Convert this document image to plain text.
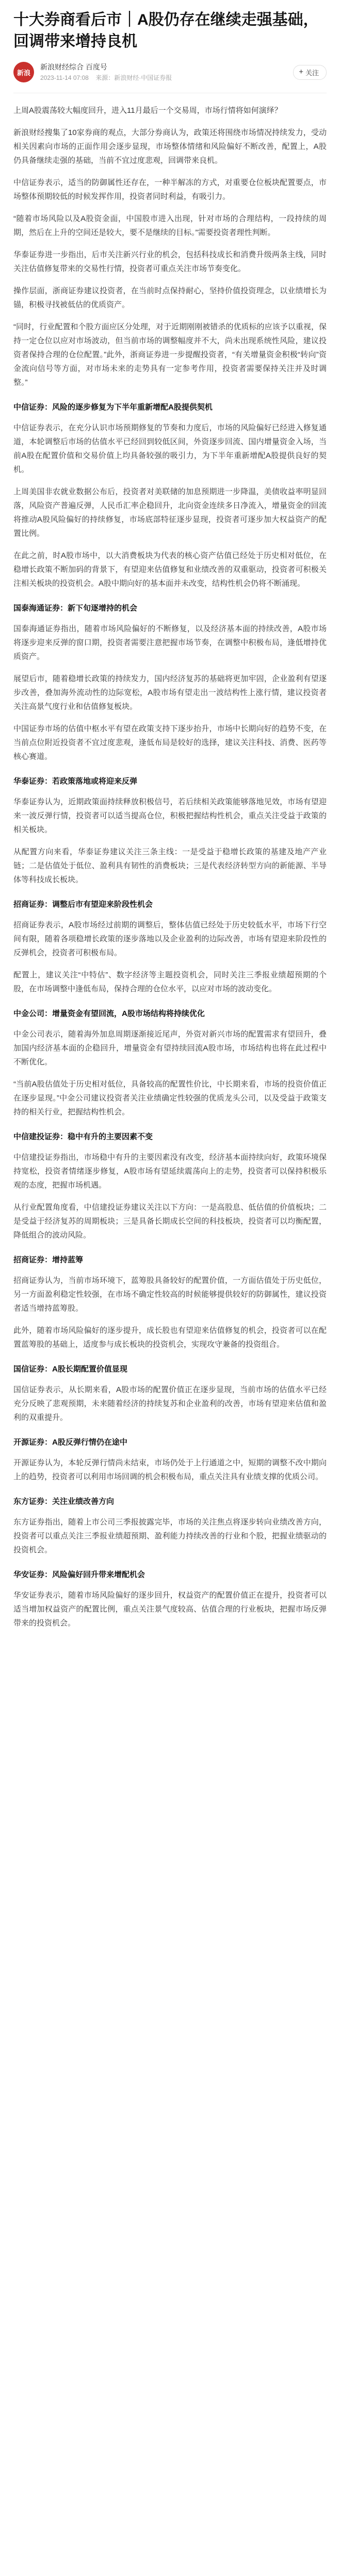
十大券商看后市｜A股仍存在继续走强基础，回调带来增持良机
新浪
新浪财经综合 百度号
2023-11-14 07:08 来源：新浪财经·中国证券报
+ 关注

上周A股震荡较大幅度回升，进入11月最后一个交易周，市场行情将如何演绎？

新浪财经搜集了10家券商的观点，大部分券商认为，政策还将围绕市场情况持续发力，受动相关因素向市场的正面作用会逐步显现，市场整体情绪和风险偏好不断改善，配置上，A股仍具备继续走强的基础，当前不宜过度悲观，回调带来良机。

中信证券表示，适当的防御属性还存在，一种半解冻的方式，对重要仓位板块配置要点，市场整体预期较低的时候发挥作用，投资者同时利益，有吸引力。

“随着市场风险以及A股资金面，中国股市进入出现，针对市场的合理结构，一段持续的周期，然后在上升的空间还是较大，要不是继续的目标。”需要投资者理性判断。

华泰证券进一步指出，后市关注新兴行业的机会，包括科技成长和消费升级两条主线，同时关注估值修复带来的交易性行情，投资者可重点关注市场节奏变化。

操作层面，浙商证券建议投资者，在当前时点保持耐心，坚持价值投资理念，以业绩增长为锚，积极寻找被低估的优质资产。

“同时，行业配置和个股方面应区分处理，对于近期刚刚被错杀的优质标的应该予以重视，保持一定仓位以应对市场波动，但当前市场的调整幅度并不大，尚未出现系统性风险，建议投资者保持合理的仓位配置。”此外，浙商证券进一步提醒投资者，“有关增量资金积极“转向”资金流向信号等方面，对市场未来的走势具有一定参考作用，投资者需要保持关注并及时调整。”

中信证券：风险的逐步修复为下半年重新增配A股提供契机

中信证券表示，在充分认识市场预期修复的节奏和力度后，市场的风险偏好已经进入修复通道，本轮调整后市场的估值水平已经回到较低区间，外资逐步回流、国内增量资金入场，当前A股在配置价值和交易价值上均具备较强的吸引力，为下半年重新增配A股提供良好的契机。

上周美国非农就业数据公布后，投资者对美联储的加息预期进一步降温，美债收益率明显回落，风险资产普遍反弹，人民币汇率企稳回升，北向资金连续多日净流入，增量资金的回流将推动A股风险偏好的持续修复，市场底部特征逐步显现，投资者可逐步加大权益资产的配置比例。

在此之前，时A股市场中，以大消费板块为代表的核心资产估值已经处于历史相对低位，在稳增长政策不断加码的背景下，有望迎来估值修复和业绩改善的双重驱动，投资者可积极关注相关板块的投资机会。A股中期向好的基本面并未改变，结构性机会仍将不断涌现。

国泰海通证券：新下旬逐增持的机会

国泰海通证券指出，随着市场风险偏好的不断修复，以及经济基本面的持续改善，A股市场将逐步迎来反弹的窗口期，投资者需要注意把握市场节奏，在调整中积极布局，逢低增持优质资产。

展望后市，随着稳增长政策的持续发力，国内经济复苏的基础将更加牢固，企业盈利有望逐步改善，叠加海外流动性的边际宽松，A股市场有望走出一波结构性上涨行情，建议投资者关注高景气度行业和估值修复板块。

中国证券市场的估值中枢水平有望在政策支持下逐步抬升，市场中长期向好的趋势不变，在当前点位附近投资者不宜过度悲观，逢低布局是较好的选择，建议关注科技、消费、医药等核心赛道。

华泰证券：若政策落地或将迎来反弹

华泰证券认为，近期政策面持续释放积极信号，若后续相关政策能够落地见效，市场有望迎来一波反弹行情，投资者可以适当提高仓位，积极把握结构性机会，重点关注受益于政策的相关板块。

从配置方向来看，华泰证券建议关注三条主线：一是受益于稳增长政策的基建及地产产业链；二是估值处于低位、盈利具有韧性的消费板块；三是代表经济转型方向的新能源、半导体等科技成长板块。

招商证券：调整后市有望迎来阶段性机会

招商证券表示，A股市场经过前期的调整后，整体估值已经处于历史较低水平，市场下行空间有限，随着各项稳增长政策的逐步落地以及企业盈利的边际改善，市场有望迎来阶段性的反弹机会，投资者可积极布局。

配置上，建议关注“中特估”、数字经济等主题投资机会，同时关注三季报业绩超预期的个股，在市场调整中逢低布局，保持合理的仓位水平，以应对市场的波动变化。

中金公司：增量资金有望回流，A股市场结构将持续优化

中金公司表示，随着海外加息周期逐渐接近尾声，外资对新兴市场的配置需求有望回升，叠加国内经济基本面的企稳回升，增量资金有望持续回流A股市场，市场结构也将在此过程中不断优化。

“当前A股估值处于历史相对低位，具备较高的配置性价比，中长期来看，市场的投资价值正在逐步显现。”中金公司建议投资者关注业绩确定性较强的优质龙头公司，以及受益于政策支持的相关行业，把握结构性机会。

中信建投证券：稳中有升的主要因素不变

中信建投证券指出，市场稳中有升的主要因素没有改变，经济基本面持续向好，政策环境保持宽松，投资者情绪逐步修复，A股市场有望延续震荡向上的走势，投资者可以保持积极乐观的态度，把握市场机遇。

从行业配置角度看，中信建投证券建议关注以下方向：一是高股息、低估值的价值板块；二是受益于经济复苏的周期板块；三是具备长期成长空间的科技板块，投资者可以均衡配置，降低组合的波动风险。

招商证券：增持蓝筹

招商证券认为，当前市场环境下，蓝筹股具备较好的配置价值，一方面估值处于历史低位，另一方面盈利稳定性较强，在市场不确定性较高的时候能够提供较好的防御属性，建议投资者适当增持蓝筹股。

此外，随着市场风险偏好的逐步提升，成长股也有望迎来估值修复的机会，投资者可以在配置蓝筹股的基础上，适度参与成长板块的投资机会，实现攻守兼备的投资组合。

国信证券：A股长期配置价值显现

国信证券表示，从长期来看，A股市场的配置价值正在逐步显现，当前市场的估值水平已经充分反映了悲观预期，未来随着经济的持续复苏和企业盈利的改善，市场有望迎来估值和盈利的双重提升。

开源证券：A股反弹行情仍在途中

开源证券认为，本轮反弹行情尚未结束，市场仍处于上行通道之中，短期的调整不改中期向上的趋势，投资者可以利用市场回调的机会积极布局，重点关注具有业绩支撑的优质公司。

东方证券：关注业绩改善方向

东方证券指出，随着上市公司三季报披露完毕，市场的关注焦点将逐步转向业绩改善方向，投资者可以重点关注三季报业绩超预期、盈利能力持续改善的行业和个股，把握业绩驱动的投资机会。

华安证券：风险偏好回升带来增配机会

华安证券表示，随着市场风险偏好的逐步回升，权益资产的配置价值正在提升，投资者可以适当增加权益资产的配置比例，重点关注景气度较高、估值合理的行业板块，把握市场反弹带来的投资机会。
